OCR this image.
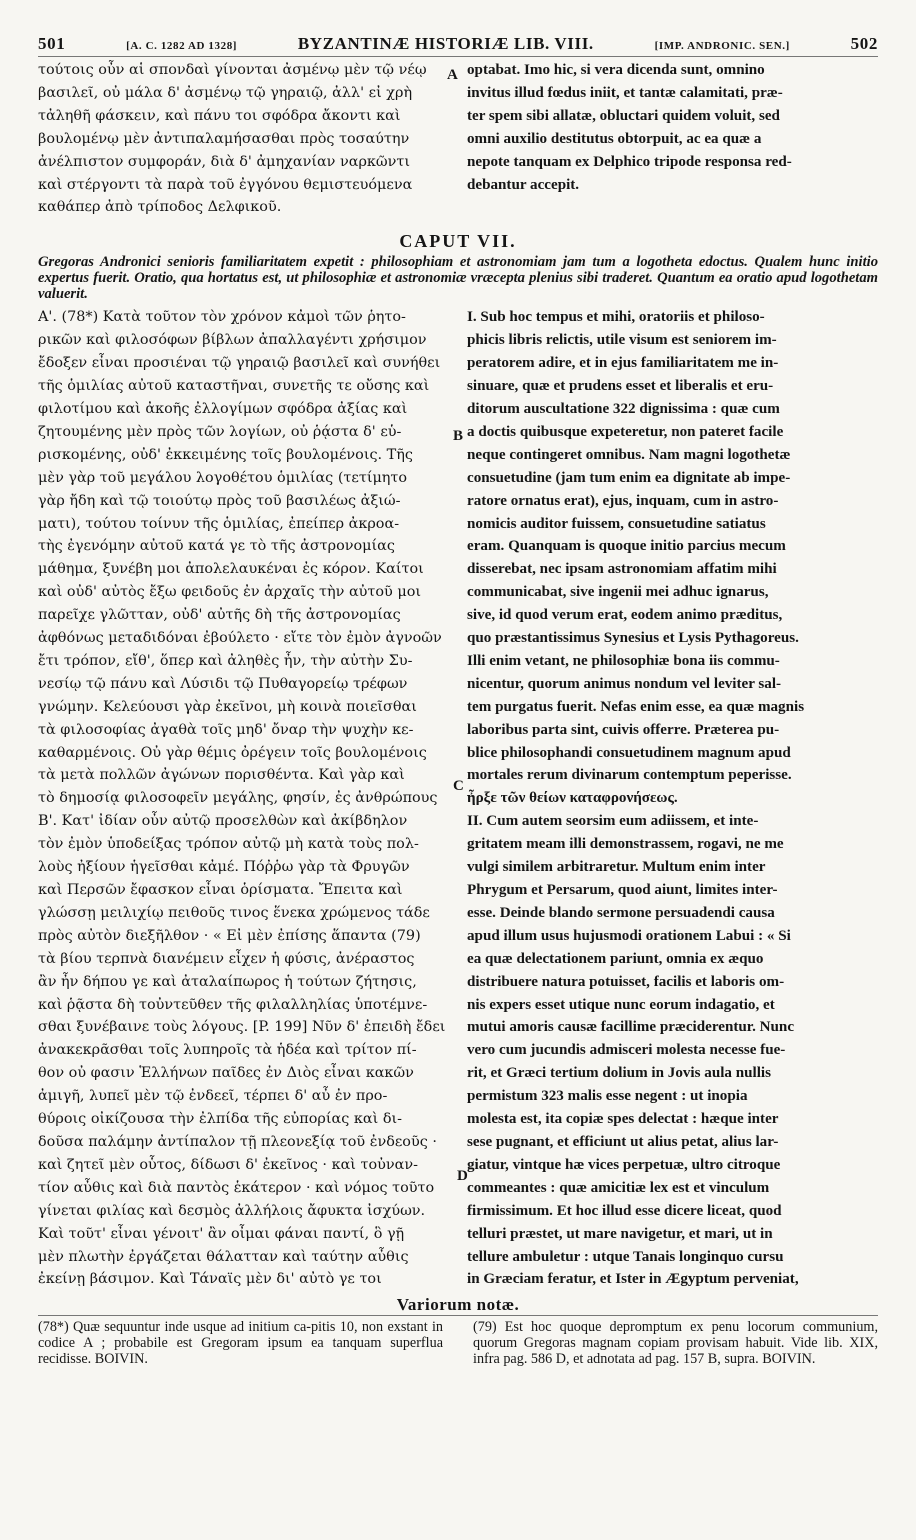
501	[A. C. 1282 AD 1328]	BYZANTINÆ HISTORIÆ LIB. VIII.	[IMP. ANDRONIC. SEN.]	502
A
B
C
D
τούτοις οὖν αἱ σπονδαὶ γίνονται ἀσμένῳ μὲν τῷ νέῳ
βασιλεῖ, οὐ μάλα δ' ἀσμένῳ τῷ γηραιῷ, ἀλλ' εἰ χρὴ
τἀληθῆ φάσκειν, καὶ πάνυ τοι σφόδρα ἄκοντι καὶ
βουλομένῳ μὲν ἀντιπαλαμήσασθαι πρὸς τοσαύτην
ἀνέλπιστον συμφοράν, διὰ δ' ἀμηχανίαν ναρκῶντι
καὶ στέργοντι τὰ παρὰ τοῦ ἐγγόνου θεμιστευόμενα
καθάπερ ἀπὸ τρίποδος Δελφικοῦ.
optabat. Imo hic, si vera dicenda sunt, omnino
invitus illud fœdus iniit, et tantæ calamitati, præ-
ter spem sibi allatæ, obluctari quidem voluit, sed
omni auxilio destitutus obtorpuit, ac ea quæ a
nepote tanquam ex Delphico tripode responsa red-
debantur accepit.
CAPUT VII.
Gregoras Andronici senioris familiaritatem expetit : philosophiam et astronomiam jam tum a logotheta edoctus. Qualem hunc initio expertus fuerit. Oratio, qua hortatus est, ut philosophiæ et astronomiæ vræcepta plenius sibi traderet. Quantum ea oratio apud logothetam valuerit.
Α'. (78*) Κατὰ τοῦτον τὸν χρόνον κἀμοὶ τῶν ῥητο-
ρικῶν καὶ φιλοσόφων βίβλων ἀπαλλαγέντι χρήσιμον
ἔδοξεν εἶναι προσιέναι τῷ γηραιῷ βασιλεῖ καὶ συνήθει
τῆς ὁμιλίας αὐτοῦ καταστῆναι, συνετῆς τε οὔσης καὶ
φιλοτίμου καὶ ἀκοῆς ἐλλογίμων σφόδρα ἀξίας καὶ
ζητουμένης μὲν πρὸς τῶν λογίων, οὐ ῥᾴστα δ' εὑ-
ρισκομένης, οὐδ' ἐκκειμένης τοῖς βουλομένοις. Τῆς
μὲν γὰρ τοῦ μεγάλου λογοθέτου ὁμιλίας (τετίμητο
γὰρ ἤδη καὶ τῷ τοιούτῳ πρὸς τοῦ βασιλέως ἀξιώ-
ματι), τούτου τοίνυν τῆς ὁμιλίας, ἐπείπερ ἀκροα-
τὴς ἐγενόμην αὐτοῦ κατά γε τὸ τῆς ἀστρονομίας
μάθημα, ξυνέβη μοι ἀπολελαυκέναι ἐς κόρον. Καίτοι
καὶ οὐδ' αὐτὸς ἔξω φειδοῦς ἐν ἀρχαῖς τὴν αὐτοῦ μοι
παρεῖχε γλῶτταν, οὐδ' αὐτῆς δὴ τῆς ἀστρονομίας
ἀφθόνως μεταδιδόναι ἐβούλετο · εἴτε τὸν ἐμὸν ἀγνοῶν
ἔτι τρόπον, εἴθ', ὅπερ καὶ ἀληθὲς ἦν, τὴν αὐτὴν Συ-
νεσίῳ τῷ πάνυ καὶ Λύσιδι τῷ Πυθαγορείῳ τρέφων
γνώμην. Κελεύουσι γὰρ ἐκεῖνοι, μὴ κοινὰ ποιεῖσθαι
τὰ φιλοσοφίας ἀγαθὰ τοῖς μηδ' ὄναρ τὴν ψυχὴν κε-
καθαρμένοις. Οὐ γὰρ θέμις ὀρέγειν τοῖς βουλομένοις
τὰ μετὰ πολλῶν ἀγώνων πορισθέντα. Καὶ γὰρ καὶ
τὸ δημοσίᾳ φιλοσοφεῖν μεγάλης, φησίν, ἐς ἀνθρώπους
Β'. Κατ' ἰδίαν οὖν αὐτῷ προσελθὼν καὶ ἀκίβδηλον
τὸν ἐμὸν ὑποδείξας τρόπον αὐτῷ μὴ κατὰ τοὺς πολ-
λοὺς ἠξίουν ἡγεῖσθαι κἀμέ. Πόῤῥω γὰρ τὰ Φρυγῶν
καὶ Περσῶν ἔφασκον εἶναι ὁρίσματα. Ἔπειτα καὶ
γλώσσῃ μειλιχίῳ πειθοῦς τινος ἕνεκα χρώμενος τάδε
πρὸς αὐτὸν διεξῆλθον · « Εἰ μὲν ἐπίσης ἅπαντα (79)
τὰ βίου τερπνὰ διανέμειν εἶχεν ἡ φύσις, ἀνέραστος
ἂν ἦν δήπου γε καὶ ἀταλαίπωρος ἡ τούτων ζήτησις,
καὶ ῥᾷστα δὴ τοὐντεῦθεν τῆς φιλαλληλίας ὑποτέμνε-
σθαι ξυνέβαινε τοὺς λόγους. [P. 199] Νῦν δ' ἐπειδὴ ἔδει
ἀνακεκρᾶσθαι τοῖς λυπηροῖς τὰ ἡδέα καὶ τρίτον πί-
θον οὐ φασιν Ἑλλήνων παῖδες ἐν Διὸς εἶναι κακῶν
ἀμιγῆ, λυπεῖ μὲν τῷ ἐνδεεῖ, τέρπει δ' αὖ ἐν προ-
θύροις οἰκίζουσα τὴν ἐλπίδα τῆς εὐπορίας καὶ δι-
δοῦσα παλάμην ἀντίπαλον τῇ πλεονεξίᾳ τοῦ ἐνδεοῦς ·
καὶ ζητεῖ μὲν οὗτος, δίδωσι δ' ἐκεῖνος · καὶ τοὐναν-
τίον αὖθις καὶ διὰ παντὸς ἑκάτερον · καὶ νόμος τοῦτο
γίνεται φιλίας καὶ δεσμὸς ἀλλήλοις ἄφυκτα ἰσχύων.
Καὶ τοῦτ' εἶναι γένοιτ' ἂν οἶμαι φάναι παντί, ὃ γῇ
μὲν πλωτὴν ἐργάζεται θάλατταν καὶ ταύτην αὖθις
ἐκείνῃ βάσιμον. Καὶ Τάναϊς μὲν δι' αὐτὸ γε τοι
I. Sub hoc tempus et mihi, oratoriis et philoso-
phicis libris relictis, utile visum est seniorem im-
peratorem adire, et in ejus familiaritatem me in-
sinuare, quæ et prudens esset et liberalis et eru-
ditorum auscultatione 322 dignissima : quæ cum
a doctis quibusque expeteretur, non pateret facile
neque contingeret omnibus. Nam magni logothetæ
consuetudine (jam tum enim ea dignitate ab impe-
ratore ornatus erat), ejus, inquam, cum in astro-
nomicis auditor fuissem, consuetudine satiatus
eram. Quanquam is quoque initio parcius mecum
disserebat, nec ipsam astronomiam affatim mihi
communicabat, sive ingenii mei adhuc ignarus,
sive, id quod verum erat, eodem animo præditus,
quo præstantissimus Synesius et Lysis Pythagoreus.
Illi enim vetant, ne philosophiæ bona iis commu-
nicentur, quorum animus nondum vel leviter sal-
tem purgatus fuerit. Nefas enim esse, ea quæ magnis
laboribus parta sint, cuivis offerre. Præterea pu-
blice philosophandi consuetudinem magnum apud
mortales rerum divinarum contemptum peperisse.
ἦρξε τῶν θείων καταφρονήσεως.
II. Cum autem seorsim eum adiissem, et inte-
gritatem meam illi demonstrassem, rogavi, ne me
vulgi similem arbitraretur. Multum enim inter
Phrygum et Persarum, quod aiunt, limites inter-
esse. Deinde blando sermone persuadendi causa
apud illum usus hujusmodi orationem Labui : « Si
ea quæ delectationem pariunt, omnia ex æquo
distribuere natura potuisset, facilis et laboris om-
nis expers esset utique nunc eorum indagatio, et
mutui amoris causæ facillime præciderentur. Nunc
vero cum jucundis admisceri molesta necesse fue-
rit, et Græci tertium dolium in Jovis aula nullis
permistum 323 malis esse negent : ut inopia
molesta est, ita copiæ spes delectat : hæque inter
sese pugnant, et efficiunt ut alius petat, alius lar-
giatur, vintque hæ vices perpetuæ, ultro citroque
commeantes : quæ amicitiæ lex est et vinculum
firmissimum. Et hoc illud esse dicere liceat, quod
telluri præstet, ut mare navigetur, et mari, ut in
tellure ambuletur : utque Tanais longinquo cursu
in Græciam feratur, et Ister in Ægyptum perveniat,
Variorum notæ.
(78*) Quæ sequuntur inde usque ad initium ca-pitis 10, non exstant in codice A ; probabile est Gregoram ipsum ea tanquam superflua recidisse. BOIVIN.
(79) Est hoc quoque depromptum ex penu locorum communium, quorum Gregoras magnam copiam provisam habuit. Vide lib. XIX, infra pag. 586 D, et adnotata ad pag. 157 B, supra. BOIVIN.
